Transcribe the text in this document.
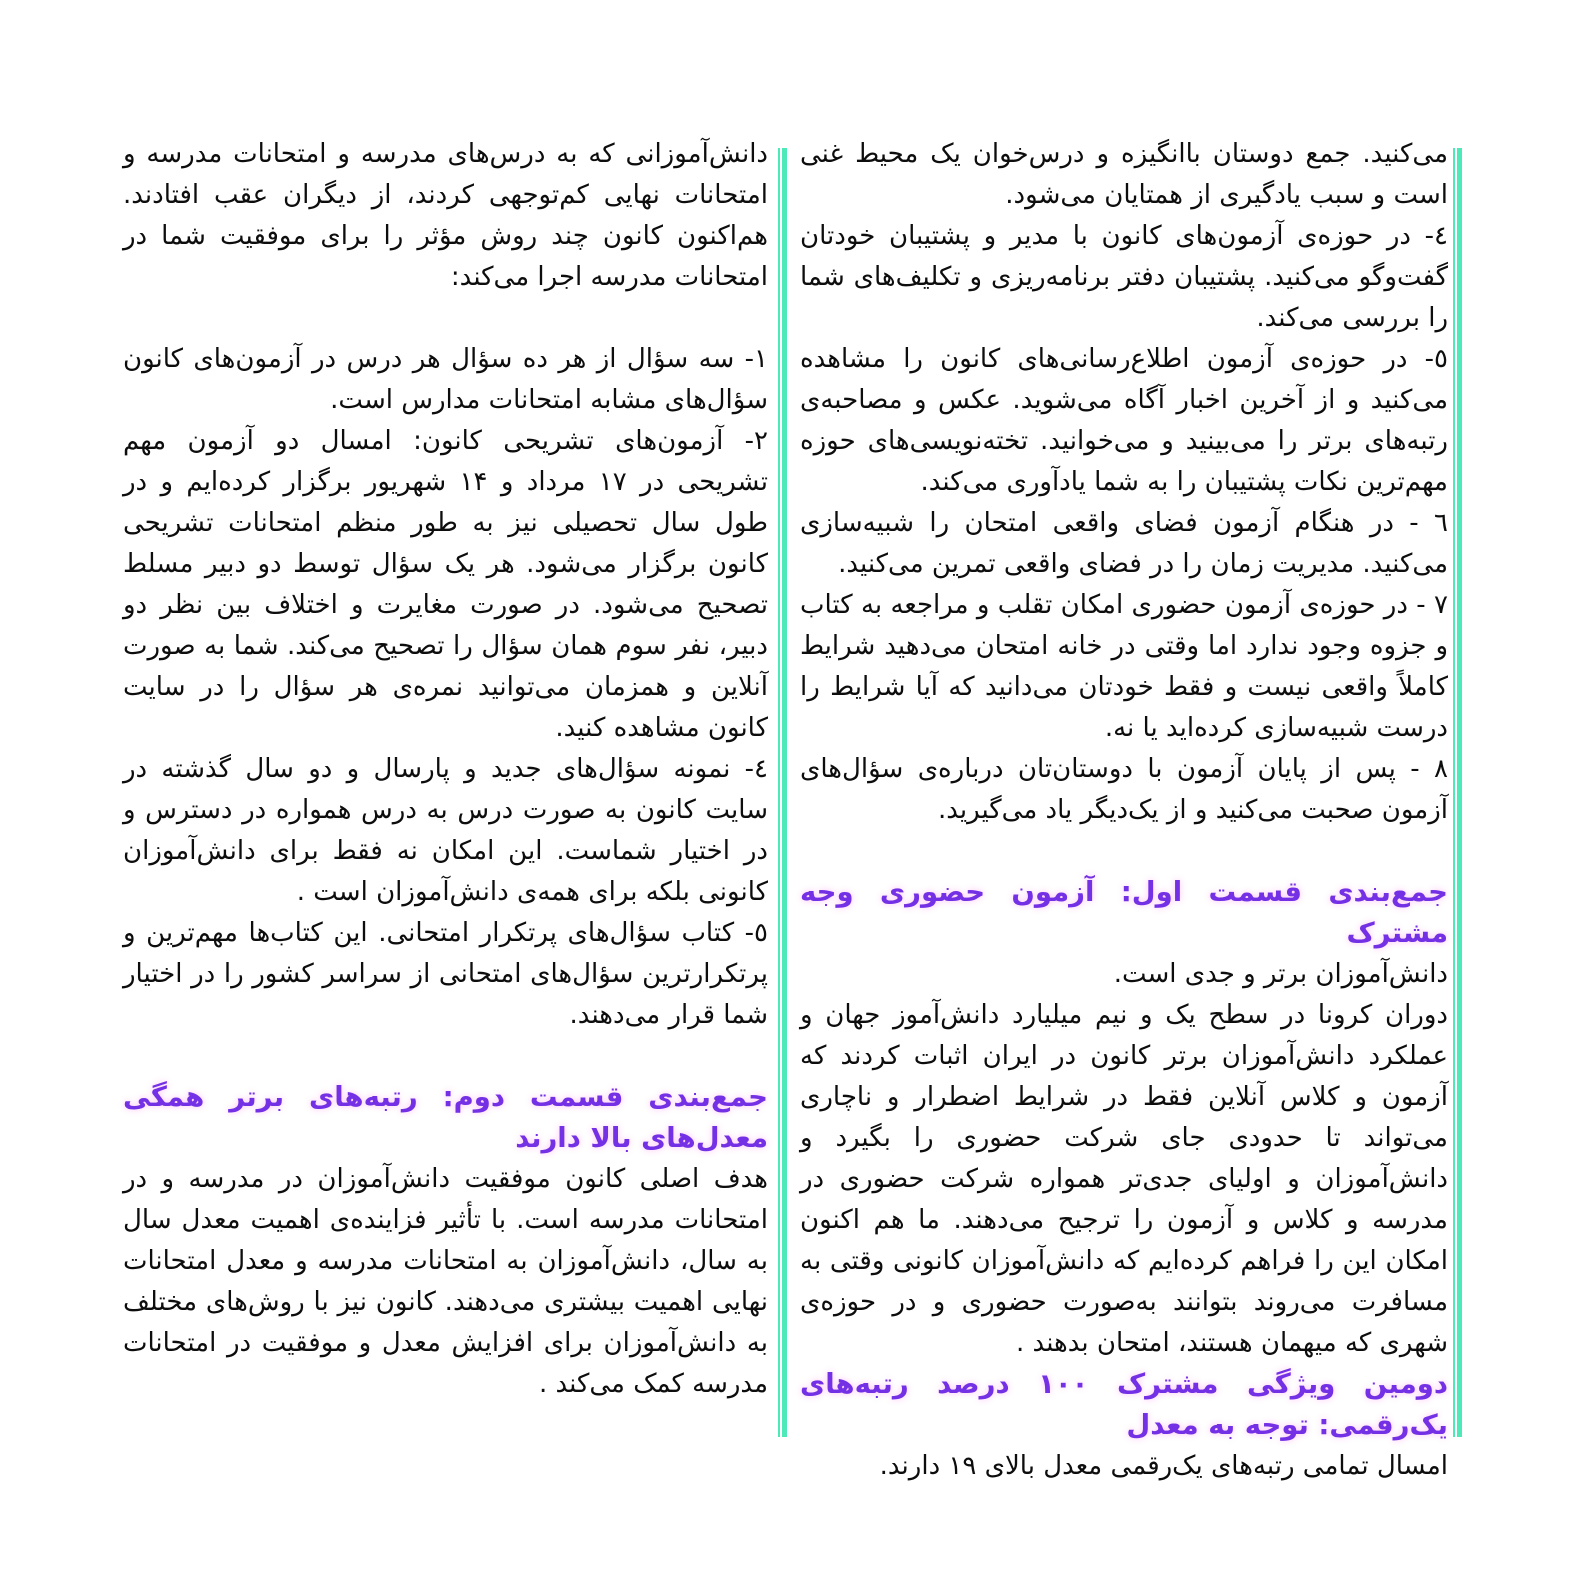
می‌کنید. جمع دوستان باانگیزه و درس‌خوان یک محیط غنی است و سبب یادگیری از همتایان می‌شود.

٤- در حوزه‌ی آزمون‌های کانون با مدیر و پشتیبان خودتان گفت‌وگو می‌کنید. پشتیبان دفتر برنامه‌ریزی و تکلیف‌های شما را بررسی می‌کند.

٥- در حوزه‌ی آزمون اطلاع‌رسانی‌های کانون را مشاهده می‌کنید و از آخرین اخبار آگاه می‌شوید. عکس و مصاحبه‌ی رتبه‌های برتر را می‌بینید و می‌خوانید. تخته‌نویسی‌های حوزه مهم‌ترین نکات پشتیبان را به شما یادآوری می‌کند.

٦ - در هنگام آزمون فضای واقعی امتحان را شبیه‌سازی می‌کنید. مدیریت زمان را در فضای واقعی تمرین می‌کنید.

٧ - در حوزه‌ی آزمون حضوری امکان تقلب و مراجعه به کتاب و جزوه وجود ندارد اما وقتی در خانه امتحان می‌دهید شرایط کاملاً واقعی نیست و فقط خودتان می‌دانید که آیا شرایط را درست شبیه‌سازی کرده‌اید یا نه.

٨ - پس از پایان آزمون با دوستان‌تان درباره‌ی سؤال‌های آزمون صحبت می‌کنید و از یک‌دیگر یاد می‌گیرید.

جمع‌بندی قسمت اول: آزمون حضوری وجه مشترک

دانش‌آموزان برتر و جدی است.

دوران کرونا در سطح یک و نیم میلیارد دانش‌آموز جهان و عملکرد دانش‌آموزان برتر کانون در ایران اثبات کردند که آزمون و کلاس آنلاین فقط در شرایط اضطرار و ناچاری می‌تواند تا حدودی جای شرکت حضوری را بگیرد و دانش‌آموزان و اولیای جدی‌تر همواره شرکت حضوری در مدرسه و کلاس و آزمون را ترجیح می‌دهند. ما هم اکنون امکان این را فراهم کرده‌ایم که دانش‌آموزان کانونی وقتی به مسافرت می‌روند بتوانند به‌صورت حضوری و در حوزه‌ی شهری که میهمان هستند، امتحان بدهند .

دومین ویژگی مشترک ۱۰۰ درصد رتبه‌های یک‌رقمی: توجه به معدل

امسال تمامی رتبه‌های یک‌رقمی معدل بالای ۱۹ دارند.

دانش‌آموزانی که به درس‌های مدرسه و امتحانات مدرسه و امتحانات نهایی کم‌توجهی کردند، از دیگران عقب افتادند. هم‌اکنون کانون چند روش مؤثر را برای موفقیت شما در امتحانات مدرسه اجرا می‌کند:

١- سه سؤال از هر ده سؤال هر درس در آزمون‌های کانون سؤال‌های مشابه امتحانات مدارس است.

٢- آزمون‌های تشریحی کانون: امسال دو آزمون مهم تشریحی در ۱۷ مرداد و ۱۴ شهریور برگزار کرده‌ایم و در طول سال تحصیلی نیز به طور منظم امتحانات تشریحی کانون برگزار می‌شود. هر یک سؤال توسط دو دبیر مسلط تصحیح می‌شود. در صورت مغایرت و اختلاف بین نظر دو دبیر، نفر سوم همان سؤال را تصحیح می‌کند. شما به صورت آنلاین و همزمان می‌توانید نمره‌ی هر سؤال را در سایت کانون مشاهده کنید.

٤- نمونه سؤال‌های جدید و پارسال و دو سال گذشته در سایت کانون به صورت درس به درس همواره در دسترس و در اختیار شماست. این امکان نه فقط برای دانش‌آموزان کانونی بلکه برای همه‌ی دانش‌آموزان است .

٥- کتاب سؤال‌های پرتکرار امتحانی. این کتاب‌ها مهم‌ترین و پرتکرارترین سؤال‌های امتحانی از سراسر کشور را در اختیار شما قرار می‌دهند.

جمع‌بندی قسمت دوم: رتبه‌های برتر همگی معدل‌های بالا دارند

هدف اصلی کانون موفقیت دانش‌آموزان در مدرسه و در امتحانات مدرسه است. با تأثیر فزاینده‌ی اهمیت معدل سال به سال، دانش‌آموزان به امتحانات مدرسه و معدل امتحانات نهایی اهمیت بیشتری می‌دهند. کانون نیز با روش‌های مختلف به دانش‌آموزان برای افزایش معدل و موفقیت در امتحانات مدرسه کمک می‌کند .
